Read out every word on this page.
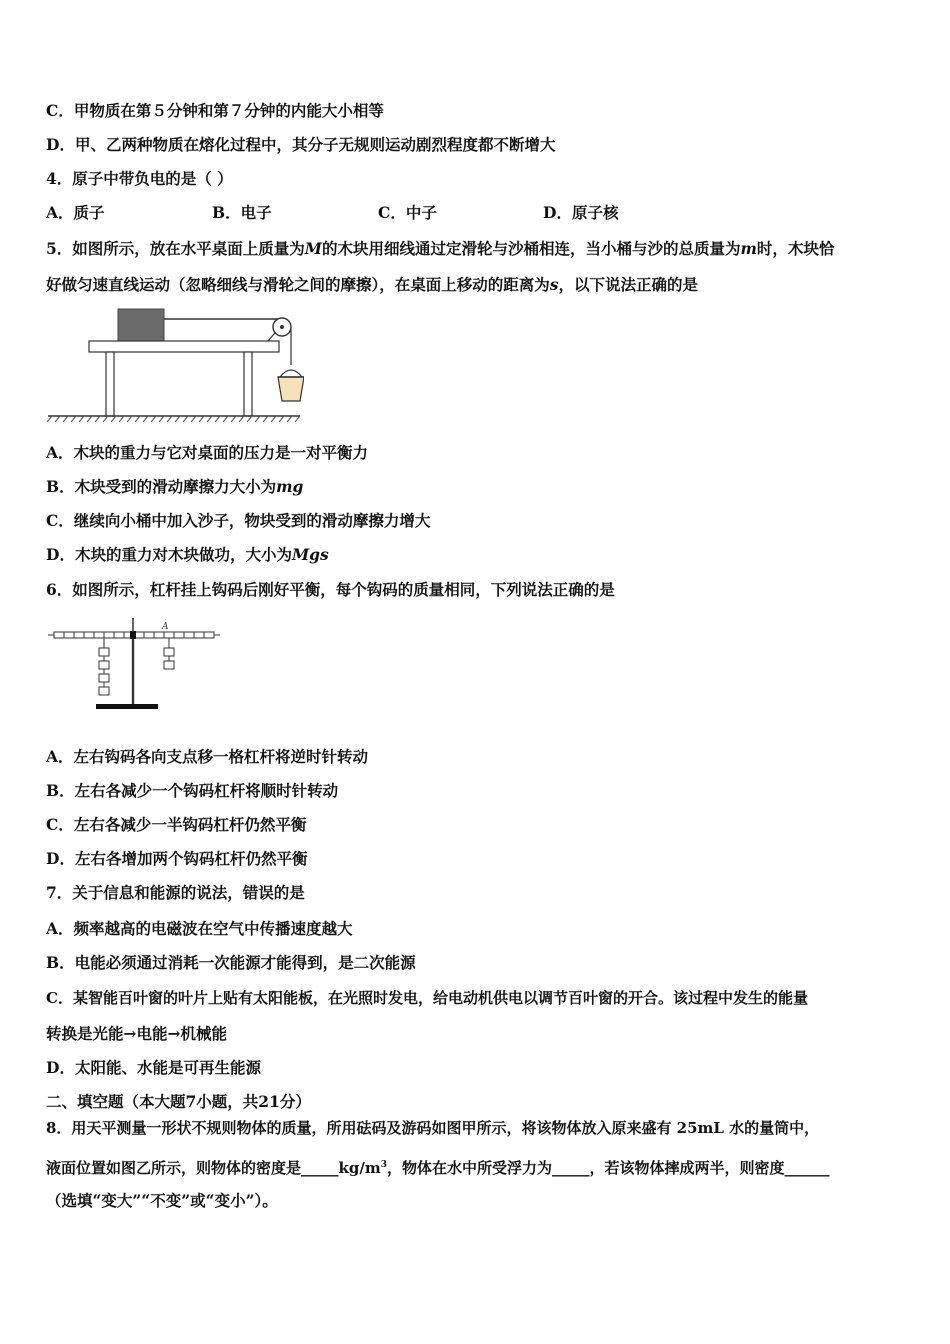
C．甲物质在第５分钟和第７分钟的内能大小相等
D．甲、乙两种物质在熔化过程中，其分子无规则运动剧烈程度都不断增大
4．原子中带负电的是（ ）
A．质子	B．电子	C．中子	D．原子核
5．如图所示，放在水平桌面上质量为M的木块用细线通过定滑轮与沙桶相连，当小桶与沙的总质量为m时，木块恰
好做匀速直线运动（忽略细线与滑轮之间的摩擦），在桌面上移动的距离为s，以下说法正确的是
A．木块的重力与它对桌面的压力是一对平衡力
B．木块受到的滑动摩擦力大小为mg
C．继续向小桶中加入沙子，物块受到的滑动摩擦力增大
D．木块的重力对木块做功，大小为Mgs
6．如图所示，杠杆挂上钩码后刚好平衡，每个钩码的质量相同，下列说法正确的是
A
A．左右钩码各向支点移一格杠杆将逆时针转动
B．左右各减少一个钩码杠杆将顺时针转动
C．左右各减少一半钩码杠杆仍然平衡
D．左右各增加两个钩码杠杆仍然平衡
7．关于信息和能源的说法，错误的是
A．频率越高的电磁波在空气中传播速度越大
B．电能必须通过消耗一次能源才能得到，是二次能源
C．某智能百叶窗的叶片上贴有太阳能板，在光照时发电，给电动机供电以调节百叶窗的开合。该过程中发生的能量
转换是光能→电能→机械能
D．太阳能、水能是可再生能源
二、填空题（本大题7小题，共21分）
8．用天平测量一形状不规则物体的质量，所用砝码及游码如图甲所示，将该物体放入原来盛有 25mL 水的量筒中，
液面位置如图乙所示，则物体的密度是$\_\_\_\_\_kg/m^3$，物体在水中所受浮力为_____，若该物体摔成两半，则密度______
（选填“变大”“不变”或“变小”）。
